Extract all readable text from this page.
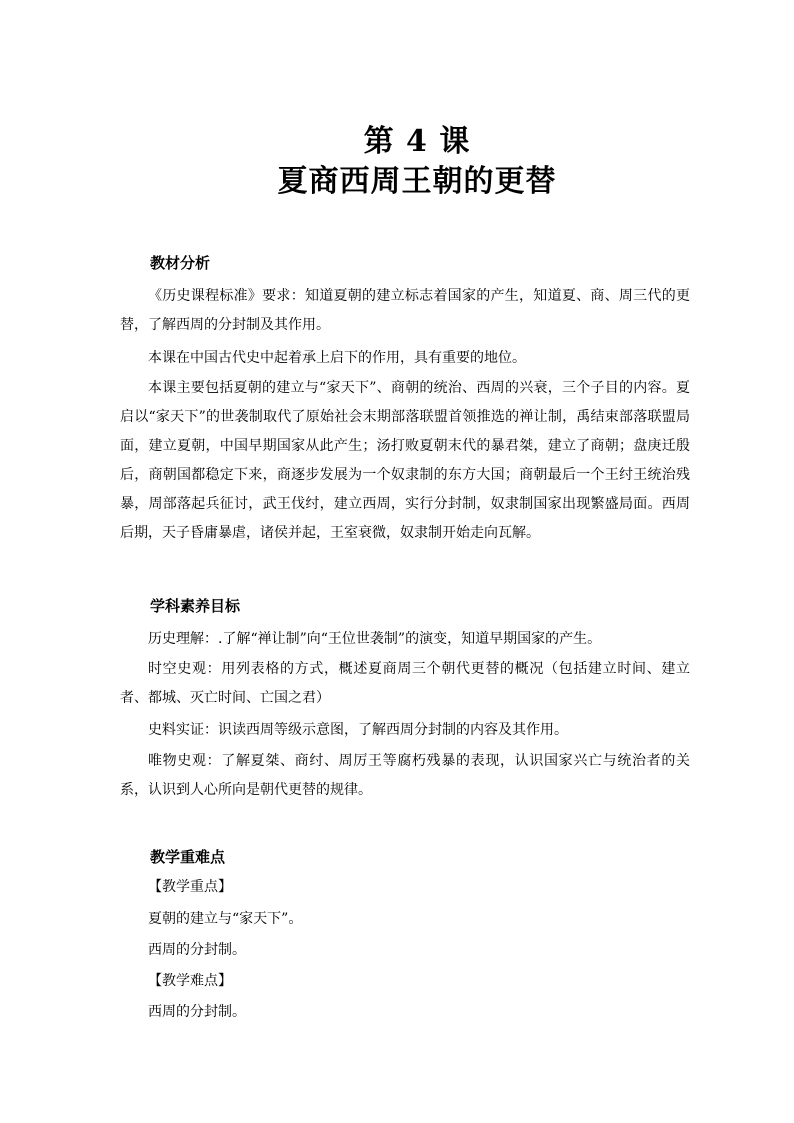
第 4 课
夏商西周王朝的更替
教材分析

《历史课程标准》要求：知道夏朝的建立标志着国家的产生，知道夏、商、周三代的更替，了解西周的分封制及其作用。

本课在中国古代史中起着承上启下的作用，具有重要的地位。

本课主要包括夏朝的建立与“家天下”、商朝的统治、西周的兴衰，三个子目的内容。夏启以“家天下”的世袭制取代了原始社会末期部落联盟首领推选的禅让制，禹结束部落联盟局面，建立夏朝，中国早期国家从此产生；汤打败夏朝末代的暴君桀，建立了商朝；盘庚迁殷后，商朝国都稳定下来，商逐步发展为一个奴隶制的东方大国；商朝最后一个王纣王统治残暴，周部落起兵征讨，武王伐纣，建立西周，实行分封制，奴隶制国家出现繁盛局面。西周后期，天子昏庸暴虐，诸侯并起，王室衰微，奴隶制开始走向瓦解。

学科素养目标

历史理解：.了解“禅让制”向“王位世袭制”的演变，知道早期国家的产生。

时空史观：用列表格的方式，概述夏商周三个朝代更替的概况（包括建立时间、建立者、都城、灭亡时间、亡国之君）

史料实证：识读西周等级示意图，了解西周分封制的内容及其作用。

唯物史观：了解夏桀、商纣、周厉王等腐朽残暴的表现，认识国家兴亡与统治者的关系，认识到人心所向是朝代更替的规律。

教学重难点
【教学重点】
夏朝的建立与“家天下”。
西周的分封制。
【教学难点】
西周的分封制。
